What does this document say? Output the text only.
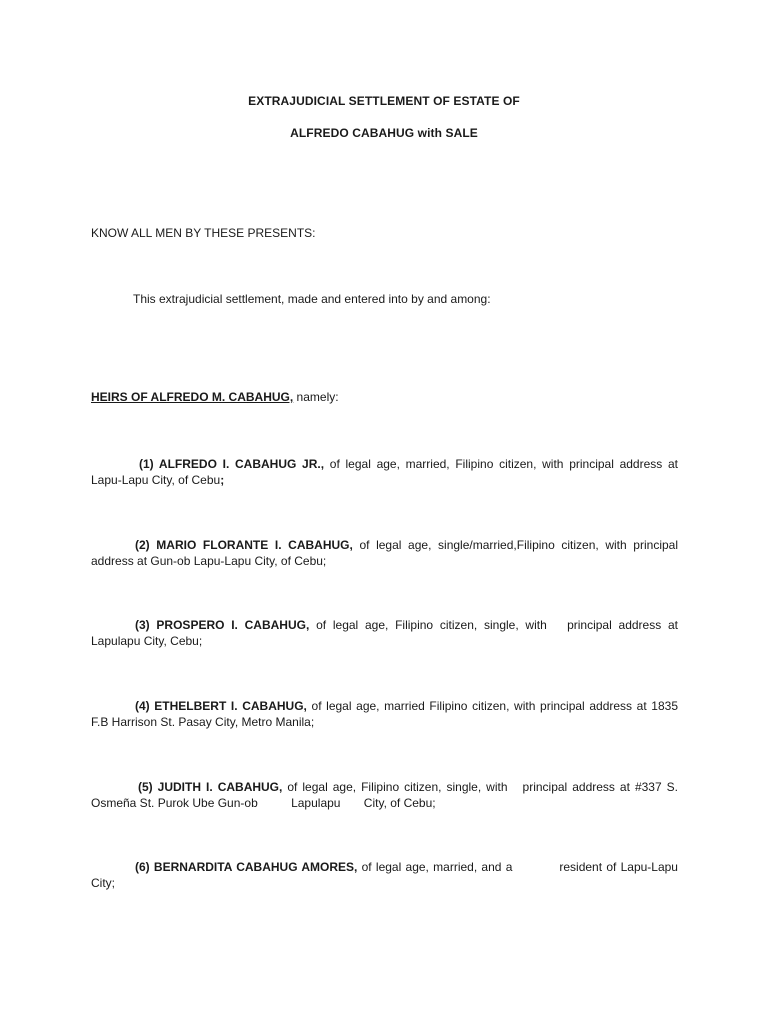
EXTRAJUDICIAL SETTLEMENT OF ESTATE OF
ALFREDO CABAHUG with SALE
KNOW ALL MEN BY THESE PRESENTS:
This extrajudicial settlement, made and entered into by and among:
HEIRS OF ALFREDO M. CABAHUG, namely:
(1) ALFREDO I. CABAHUG JR., of legal age, married, Filipino citizen, with principal address at Lapu-Lapu City, of Cebu;
(2) MARIO FLORANTE I. CABAHUG, of legal age, single/married,Filipino citizen, with principal address at Gun-ob Lapu-Lapu City, of Cebu;
(3) PROSPERO I. CABAHUG, of legal age, Filipino citizen, single, with   principal address at Lapulapu City, Cebu;
(4) ETHELBERT I. CABAHUG, of legal age, married Filipino citizen, with principal address at 1835 F.B Harrison St. Pasay City, Metro Manila;
(5) JUDITH I. CABAHUG, of legal age, Filipino citizen, single, with   principal address at #337 S. Osmeña St. Purok Ube Gun-ob          Lapulapu       City, of Cebu;
(6) BERNARDITA CABAHUG AMORES, of legal age, married, and a           resident of Lapu-Lapu City;
